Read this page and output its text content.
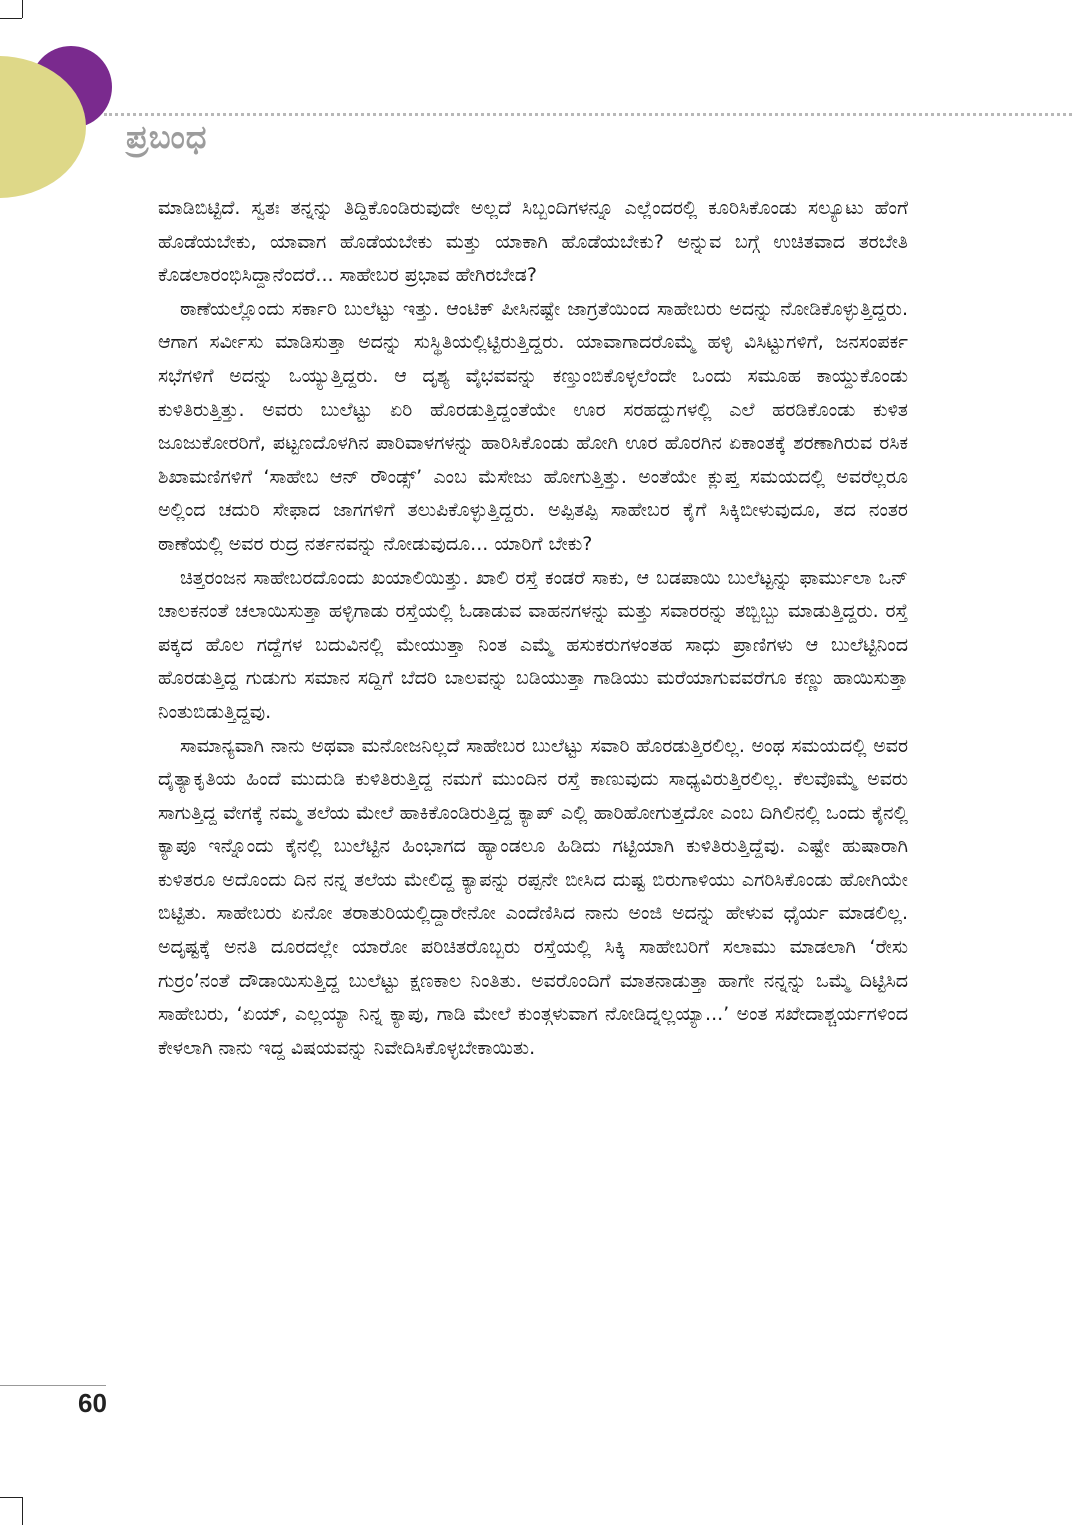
ಪ್ರಬಂಧ

ಮಾಡಿಬಿಟ್ಟಿದೆ. ಸ್ವತಃ ತನ್ನನ್ನು ತಿದ್ದಿಕೊಂಡಿರುವುದೇ ಅಲ್ಲದೆ ಸಿಬ್ಬಂದಿಗಳನ್ನೂ ಎಲ್ಲೆಂದರಲ್ಲಿ ಕೂರಿಸಿಕೊಂಡು ಸಲ್ಯೂಟು ಹೆಂಗೆ ಹೊಡೆಯಬೇಕು, ಯಾವಾಗ ಹೊಡೆಯಬೇಕು ಮತ್ತು ಯಾಕಾಗಿ ಹೊಡೆಯಬೇಕು? ಅನ್ನುವ ಬಗ್ಗೆ ಉಚಿತವಾದ ತರಬೇತಿ ಕೊಡಲಾರಂಭಿಸಿದ್ದಾನೆಂದರೆ... ಸಾಹೇಬರ ಪ್ರಭಾವ ಹೇಗಿರಬೇಡ?

ಠಾಣೆಯಲ್ಲೊಂದು ಸರ್ಕಾರಿ ಬುಲೆಟ್ಟು ಇತ್ತು. ಆಂಟಿಕ್ ಪೀಸಿನಷ್ಟೇ ಜಾಗ್ರತೆಯಿಂದ ಸಾಹೇಬರು ಅದನ್ನು ನೋಡಿಕೊಳ್ಳುತ್ತಿದ್ದರು. ಆಗಾಗ ಸರ್ವೀಸು ಮಾಡಿಸುತ್ತಾ ಅದನ್ನು ಸುಸ್ಥಿತಿಯಲ್ಲಿಟ್ಟಿರುತ್ತಿದ್ದರು. ಯಾವಾಗಾದರೊಮ್ಮೆ ಹಳ್ಳಿ ವಿಸಿಟ್ಟುಗಳಿಗೆ, ಜನಸಂಪರ್ಕ ಸಭೆಗಳಿಗೆ ಅದನ್ನು ಒಯ್ಯುತ್ತಿದ್ದರು. ಆ ದೃಶ್ಯ ವೈಭವವನ್ನು ಕಣ್ತುಂಬಿಕೊಳ್ಳಲೆಂದೇ ಒಂದು ಸಮೂಹ ಕಾಯ್ದುಕೊಂಡು ಕುಳಿತಿರುತ್ತಿತ್ತು. ಅವರು ಬುಲೆಟ್ಟು ಏರಿ ಹೊರಡುತ್ತಿದ್ದಂತೆಯೇ ಊರ ಸರಹದ್ದುಗಳಲ್ಲಿ ಎಲೆ ಹರಡಿಕೊಂಡು ಕುಳಿತ ಜೂಜುಕೋರರಿಗೆ, ಪಟ್ಟಣದೊಳಗಿನ ಪಾರಿವಾಳಗಳನ್ನು ಹಾರಿಸಿಕೊಂಡು ಹೋಗಿ ಊರ ಹೊರಗಿನ ಏಕಾಂತಕ್ಕೆ ಶರಣಾಗಿರುವ ರಸಿಕ ಶಿಖಾಮಣಿಗಳಿಗೆ ‘ಸಾಹೇಬ ಆನ್ ರೌಂಡ್ಸ್’ ಎಂಬ ಮೆಸೇಜು ಹೋಗುತ್ತಿತ್ತು. ಅಂತೆಯೇ ಕ್ಲುಪ್ತ ಸಮಯದಲ್ಲಿ ಅವರೆಲ್ಲರೂ ಅಲ್ಲಿಂದ ಚದುರಿ ಸೇಫಾದ ಜಾಗಗಳಿಗೆ ತಲುಪಿಕೊಳ್ಳುತ್ತಿದ್ದರು. ಅಪ್ಪಿತಪ್ಪಿ ಸಾಹೇಬರ ಕೈಗೆ ಸಿಕ್ಕಿಬೀಳುವುದೂ, ತದ ನಂತರ ಠಾಣೆಯಲ್ಲಿ ಅವರ ರುದ್ರ ನರ್ತನವನ್ನು ನೋಡುವುದೂ... ಯಾರಿಗೆ ಬೇಕು?

ಚಿತ್ತರಂಜನ ಸಾಹೇಬರದೊಂದು ಖಯಾಲಿಯಿತ್ತು. ಖಾಲಿ ರಸ್ತೆ ಕಂಡರೆ ಸಾಕು, ಆ ಬಡಪಾಯಿ ಬುಲೆಟ್ಟನ್ನು ಫಾರ್ಮುಲಾ ಒನ್ ಚಾಲಕನಂತೆ ಚಲಾಯಿಸುತ್ತಾ ಹಳ್ಳಿಗಾಡು ರಸ್ತೆಯಲ್ಲಿ ಓಡಾಡುವ ವಾಹನಗಳನ್ನು ಮತ್ತು ಸವಾರರನ್ನು ತಬ್ಬಿಬ್ಬು ಮಾಡುತ್ತಿದ್ದರು. ರಸ್ತೆ ಪಕ್ಕದ ಹೊಲ ಗದ್ದೆಗಳ ಬದುವಿನಲ್ಲಿ ಮೇಯುತ್ತಾ ನಿಂತ ಎಮ್ಮೆ ಹಸುಕರುಗಳಂತಹ ಸಾಧು ಪ್ರಾಣಿಗಳು ಆ ಬುಲೆಟ್ಟಿನಿಂದ ಹೊರಡುತ್ತಿದ್ದ ಗುಡುಗು ಸಮಾನ ಸದ್ದಿಗೆ ಬೆದರಿ ಬಾಲವನ್ನು ಬಡಿಯುತ್ತಾ ಗಾಡಿಯು ಮರೆಯಾಗುವವರೆಗೂ ಕಣ್ಣು ಹಾಯಿಸುತ್ತಾ ನಿಂತುಬಿಡುತ್ತಿದ್ದವು.

ಸಾಮಾನ್ಯವಾಗಿ ನಾನು ಅಥವಾ ಮನೋಜನಿಲ್ಲದೆ ಸಾಹೇಬರ ಬುಲೆಟ್ಟು ಸವಾರಿ ಹೊರಡುತ್ತಿರಲಿಲ್ಲ. ಅಂಥ ಸಮಯದಲ್ಲಿ ಅವರ ದೈತ್ಯಾಕೃತಿಯ ಹಿಂದೆ ಮುದುಡಿ ಕುಳಿತಿರುತ್ತಿದ್ದ ನಮಗೆ ಮುಂದಿನ ರಸ್ತೆ ಕಾಣುವುದು ಸಾಧ್ಯವಿರುತ್ತಿರಲಿಲ್ಲ. ಕೆಲವೊಮ್ಮೆ ಅವರು ಸಾಗುತ್ತಿದ್ದ ವೇಗಕ್ಕೆ ನಮ್ಮ ತಲೆಯ ಮೇಲೆ ಹಾಕಿಕೊಂಡಿರುತ್ತಿದ್ದ ಕ್ಯಾಪ್ ಎಲ್ಲಿ ಹಾರಿಹೋಗುತ್ತದೋ ಎಂಬ ದಿಗಿಲಿನಲ್ಲಿ ಒಂದು ಕೈನಲ್ಲಿ ಕ್ಯಾಪೂ ಇನ್ನೊಂದು ಕೈನಲ್ಲಿ ಬುಲೆಟ್ಟಿನ ಹಿಂಭಾಗದ ಹ್ಯಾಂಡಲೂ ಹಿಡಿದು ಗಟ್ಟಿಯಾಗಿ ಕುಳಿತಿರುತ್ತಿದ್ದೆವು. ಎಷ್ಟೇ ಹುಷಾರಾಗಿ ಕುಳಿತರೂ ಅದೊಂದು ದಿನ ನನ್ನ ತಲೆಯ ಮೇಲಿದ್ದ ಕ್ಯಾಪನ್ನು ರಪ್ಪನೇ ಬೀಸಿದ ದುಷ್ಟ ಬಿರುಗಾಳಿಯು ಎಗರಿಸಿಕೊಂಡು ಹೋಗಿಯೇ ಬಿಟ್ಟಿತು. ಸಾಹೇಬರು ಏನೋ ತರಾತುರಿಯಲ್ಲಿದ್ದಾರೇನೋ ಎಂದೆಣಿಸಿದ ನಾನು ಅಂಜಿ ಅದನ್ನು ಹೇಳುವ ಧೈರ್ಯ ಮಾಡಲಿಲ್ಲ. ಅದೃಷ್ಟಕ್ಕೆ ಅನತಿ ದೂರದಲ್ಲೇ ಯಾರೋ ಪರಿಚಿತರೊಬ್ಬರು ರಸ್ತೆಯಲ್ಲಿ ಸಿಕ್ಕಿ ಸಾಹೇಬರಿಗೆ ಸಲಾಮು ಮಾಡಲಾಗಿ ‘ರೇಸು ಗುರ್‍ರಂ’ನಂತೆ ದೌಡಾಯಿಸುತ್ತಿದ್ದ ಬುಲೆಟ್ಟು ಕ್ಷಣಕಾಲ ನಿಂತಿತು. ಅವರೊಂದಿಗೆ ಮಾತನಾಡುತ್ತಾ ಹಾಗೇ ನನ್ನನ್ನು ಒಮ್ಮೆ ದಿಟ್ಟಿಸಿದ ಸಾಹೇಬರು, ‘ಏಯ್, ಎಲ್ಲಯ್ಯಾ ನಿನ್ನ ಕ್ಯಾಪು, ಗಾಡಿ ಮೇಲೆ ಕುಂತ್ಗಳುವಾಗ ನೋಡಿದ್ನಲ್ಲಯ್ಯಾ...’ ಅಂತ ಸಖೇದಾಶ್ಚರ್ಯಗಳಿಂದ ಕೇಳಲಾಗಿ ನಾನು ಇದ್ದ ವಿಷಯವನ್ನು ನಿವೇದಿಸಿಕೊಳ್ಳಬೇಕಾಯಿತು.

60
